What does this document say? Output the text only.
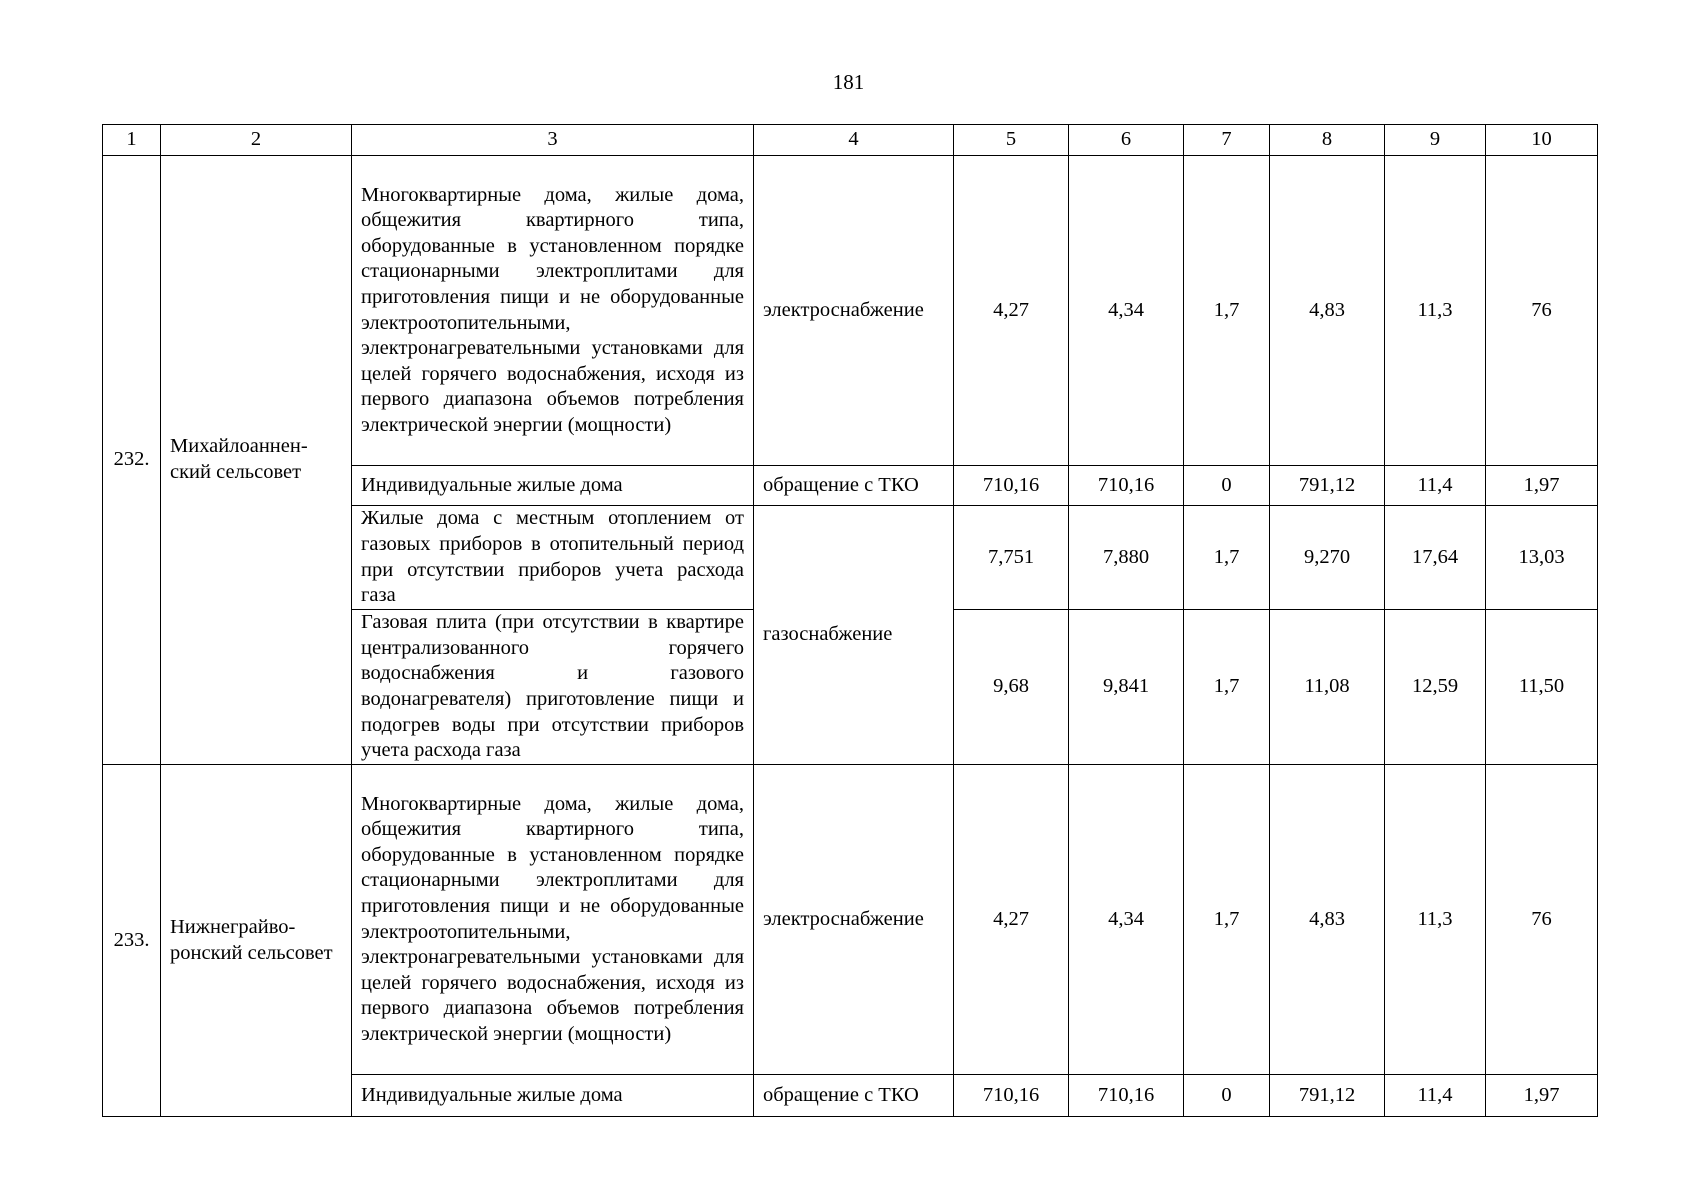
181
1	2	3	4	5	6	7	8	9	10
232.	Михайлоаннен-ский сельсовет	Многоквартирные дома, жилые дома, общежития квартирного типа, оборудованные в установленном порядке стационарными электроплитами для приготовления пищи и не оборудованные электроотопительными, электронагревательными установками для целей горячего водоснабжения, исходя из первого диапазона объемов потребления электрической энергии (мощности)	электроснабжение	4,27	4,34	1,7	4,83	11,3	76
		Индивидуальные жилые дома	обращение с ТКО	710,16	710,16	0	791,12	11,4	1,97
		Жилые дома с местным отоплением от газовых приборов в отопительный период при отсутствии приборов учета расхода газа	газоснабжение	7,751	7,880	1,7	9,270	17,64	13,03
		Газовая плита (при отсутствии в квартире централизованного горячего водоснабжения и газового водонагревателя) приготовление пищи и подогрев воды при отсутствии приборов учета расхода газа		9,68	9,841	1,7	11,08	12,59	11,50
233.	Нижнеграйво-ронский сельсовет	Многоквартирные дома, жилые дома, общежития квартирного типа, оборудованные в установленном порядке стационарными электроплитами для приготовления пищи и не оборудованные электроотопительными, электронагревательными установками для целей горячего водоснабжения, исходя из первого диапазона объемов потребления электрической энергии (мощности)	электроснабжение	4,27	4,34	1,7	4,83	11,3	76
		Индивидуальные жилые дома	обращение с ТКО	710,16	710,16	0	791,12	11,4	1,97
